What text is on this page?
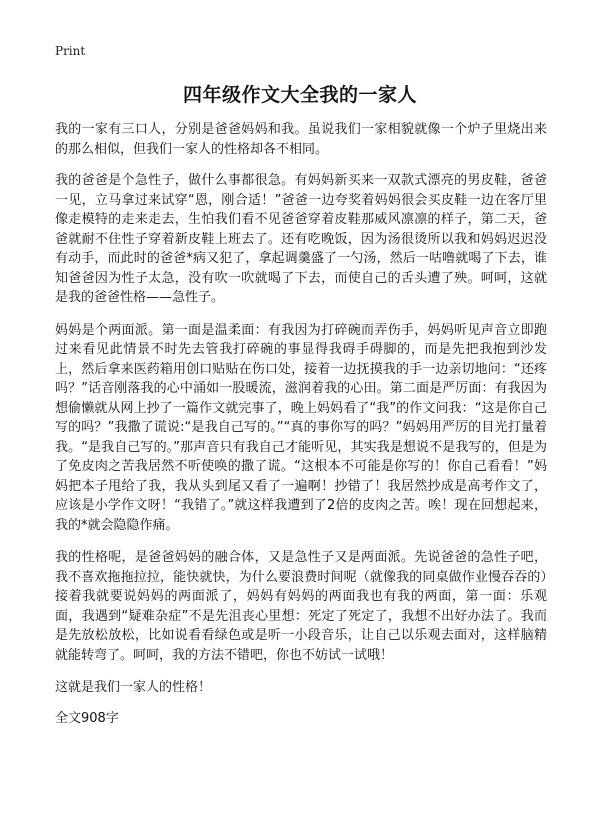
Print
四年级作文大全我的一家人

我的一家有三口人，分别是爸爸妈妈和我。虽说我们一家相貌就像一个炉子里烧出来的那么相似，但我们一家人的性格却各不相同。

我的爸爸是个急性子，做什么事都很急。有妈妈新买来一双款式漂亮的男皮鞋，爸爸一见，立马拿过来试穿“恩，刚合适！”爸爸一边夸奖着妈妈很会买皮鞋一边在客厅里像走模特的走来走去，生怕我们看不见爸爸穿着皮鞋那威风凛凛的样子，第二天，爸爸就耐不住性子穿着新皮鞋上班去了。还有吃晚饭，因为汤很烫所以我和妈妈迟迟没有动手，而此时的爸爸*病又犯了，拿起调羹盛了一勺汤，然后一咕噜就喝了下去，谁知爸爸因为性子太急，没有吹一吹就喝了下去，而使自己的舌头遭了殃。呵呵，这就是我的爸爸性格——急性子。

妈妈是个两面派。第一面是温柔面：有我因为打碎碗而弄伤手，妈妈听见声音立即跑过来看见此情景不时先去管我打碎碗的事显得我碍手碍脚的，而是先把我抱到沙发上，然后拿来医药箱用创口贴贴在伤口处，接着一边抚摸我的手一边亲切地问：“还疼吗？”话音刚落我的心中涌如一股暖流，滋润着我的心田。第二面是严厉面：有我因为想偷懒就从网上抄了一篇作文就完事了，晚上妈妈看了“我”的作文问我：“这是你自己写的吗？”我撒了谎说:“是我自己写的。”“真的事你写的吗？”妈妈用严厉的目光打量着我。“是我自己写的。”那声音只有我自己才能听见，其实我是想说不是我写的，但是为了免皮肉之苦我居然不听使唤的撒了谎。“这根本不可能是你写的！你自己看看！”妈妈把本子甩给了我，我从头到尾又看了一遍啊！抄错了！我居然抄成是高考作文了，应该是小学作文呀！“我错了。”就这样我遭到了2倍的皮肉之苦。唉！现在回想起来，我的*就会隐隐作痛。

我的性格呢，是爸爸妈妈的融合体，又是急性子又是两面派。先说爸爸的急性子吧，我不喜欢拖拖拉拉，能快就快，为什么要浪费时间呢（就像我的同桌做作业慢吞吞的）接着我就要说妈妈的两面派了，妈妈有妈妈的两面我也有我的两面，第一面：乐观面，我遇到“疑难杂症”不是先沮丧心里想：死定了死定了，我想不出好办法了。我而是先放松放松，比如说看看绿色或是听一小段音乐，让自己以乐观去面对，这样脑精就能转弯了。呵呵，我的方法不错吧，你也不妨试一试哦！

这就是我们一家人的性格！

全文908字
